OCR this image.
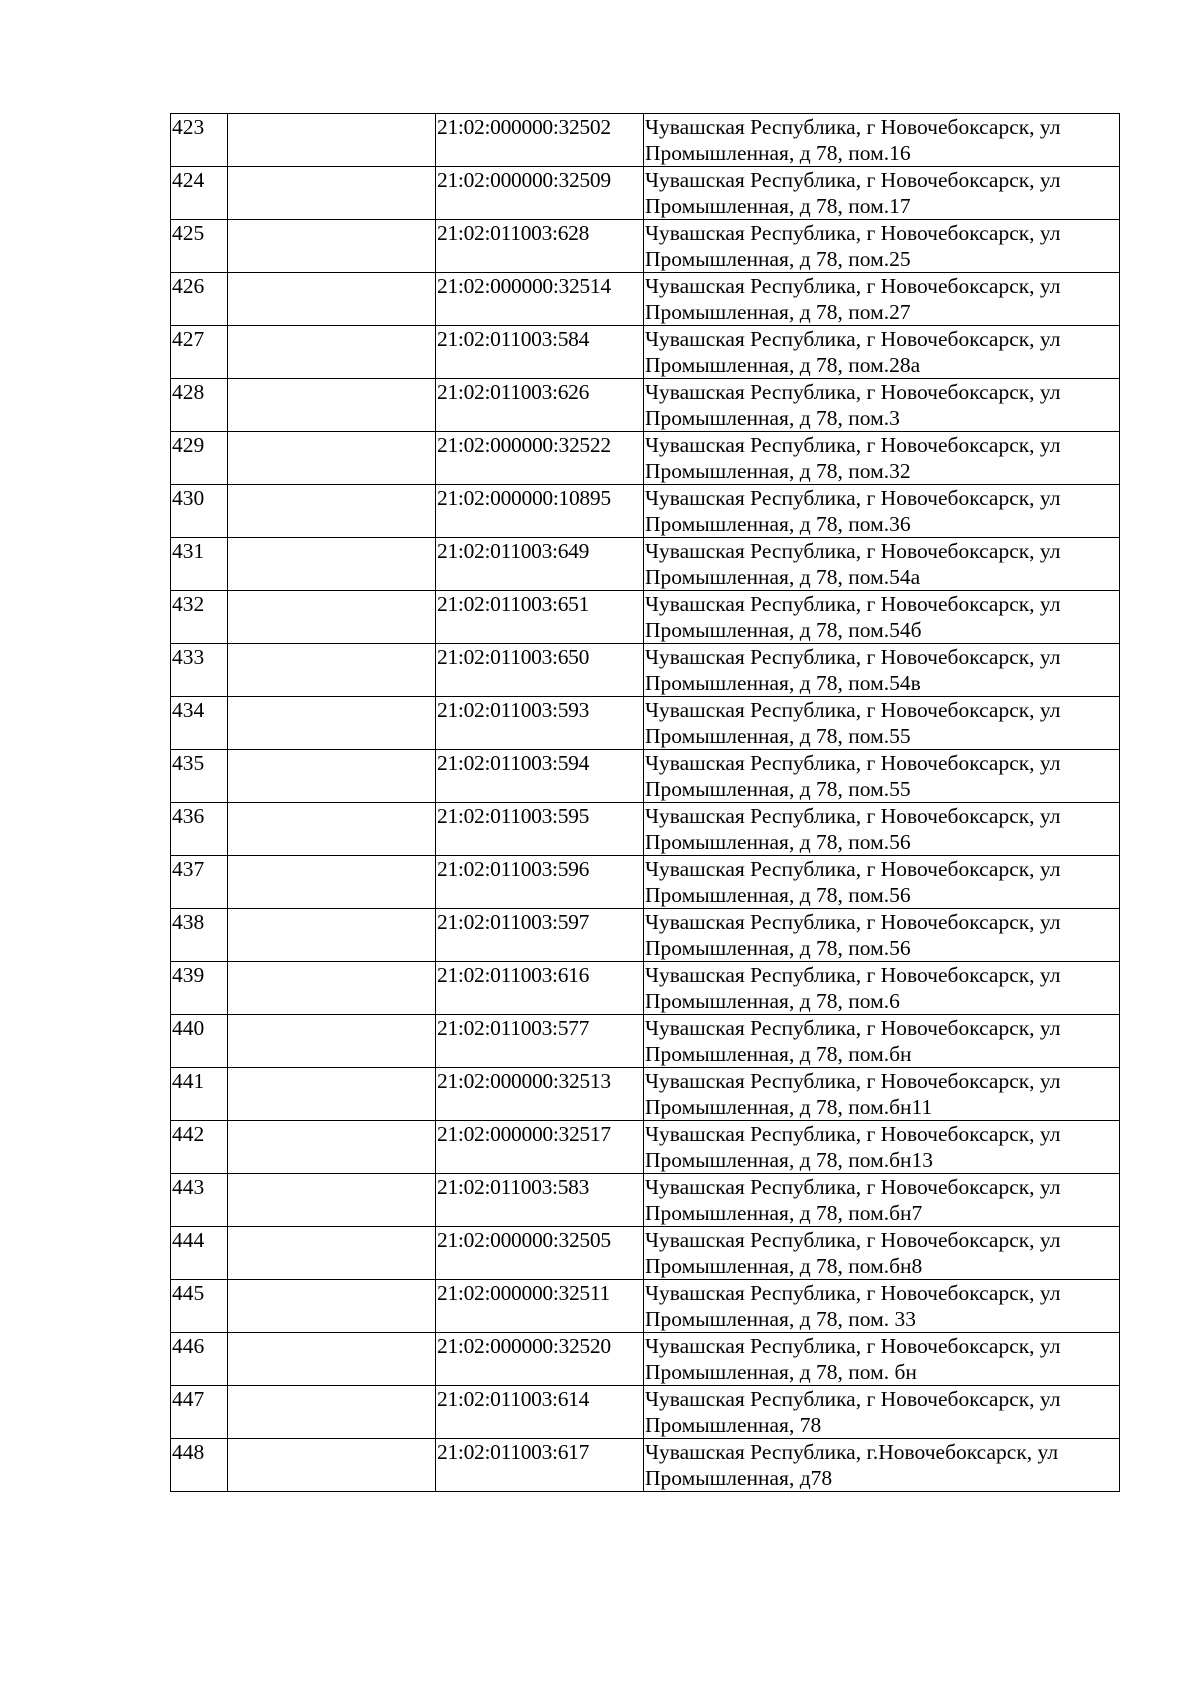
423		21:02:000000:32502	Чувашская Республика, г Новочебоксарск, ул
Промышленная, д 78, пом.16

424		21:02:000000:32509	Чувашская Республика, г Новочебоксарск, ул
Промышленная, д 78, пом.17

425		21:02:011003:628	Чувашская Республика, г Новочебоксарск, ул
Промышленная, д 78, пом.25

426		21:02:000000:32514	Чувашская Республика, г Новочебоксарск, ул
Промышленная, д 78, пом.27

427		21:02:011003:584	Чувашская Республика, г Новочебоксарск, ул
Промышленная, д 78, пом.28а

428		21:02:011003:626	Чувашская Республика, г Новочебоксарск, ул
Промышленная, д 78, пом.3

429		21:02:000000:32522	Чувашская Республика, г Новочебоксарск, ул
Промышленная, д 78, пом.32

430		21:02:000000:10895	Чувашская Республика, г Новочебоксарск, ул
Промышленная, д 78, пом.36

431		21:02:011003:649	Чувашская Республика, г Новочебоксарск, ул
Промышленная, д 78, пом.54а

432		21:02:011003:651	Чувашская Республика, г Новочебоксарск, ул
Промышленная, д 78, пом.54б

433		21:02:011003:650	Чувашская Республика, г Новочебоксарск, ул
Промышленная, д 78, пом.54в

434		21:02:011003:593	Чувашская Республика, г Новочебоксарск, ул
Промышленная, д 78, пом.55

435		21:02:011003:594	Чувашская Республика, г Новочебоксарск, ул
Промышленная, д 78, пом.55

436		21:02:011003:595	Чувашская Республика, г Новочебоксарск, ул
Промышленная, д 78, пом.56

437		21:02:011003:596	Чувашская Республика, г Новочебоксарск, ул
Промышленная, д 78, пом.56

438		21:02:011003:597	Чувашская Республика, г Новочебоксарск, ул
Промышленная, д 78, пом.56

439		21:02:011003:616	Чувашская Республика, г Новочебоксарск, ул
Промышленная, д 78, пом.6

440		21:02:011003:577	Чувашская Республика, г Новочебоксарск, ул
Промышленная, д 78, пом.бн

441		21:02:000000:32513	Чувашская Республика, г Новочебоксарск, ул
Промышленная, д 78, пом.бн11

442		21:02:000000:32517	Чувашская Республика, г Новочебоксарск, ул
Промышленная, д 78, пом.бн13

443		21:02:011003:583	Чувашская Республика, г Новочебоксарск, ул
Промышленная, д 78, пом.бн7

444		21:02:000000:32505	Чувашская Республика, г Новочебоксарск, ул
Промышленная, д 78, пом.бн8

445		21:02:000000:32511	Чувашская Республика, г Новочебоксарск, ул
Промышленная, д 78, пом. 33

446		21:02:000000:32520	Чувашская Республика, г Новочебоксарск, ул
Промышленная, д 78, пом. бн

447		21:02:011003:614	Чувашская Республика, г Новочебоксарск, ул
Промышленная, 78

448		21:02:011003:617	Чувашская Республика, г.Новочебоксарск, ул
Промышленная, д78
